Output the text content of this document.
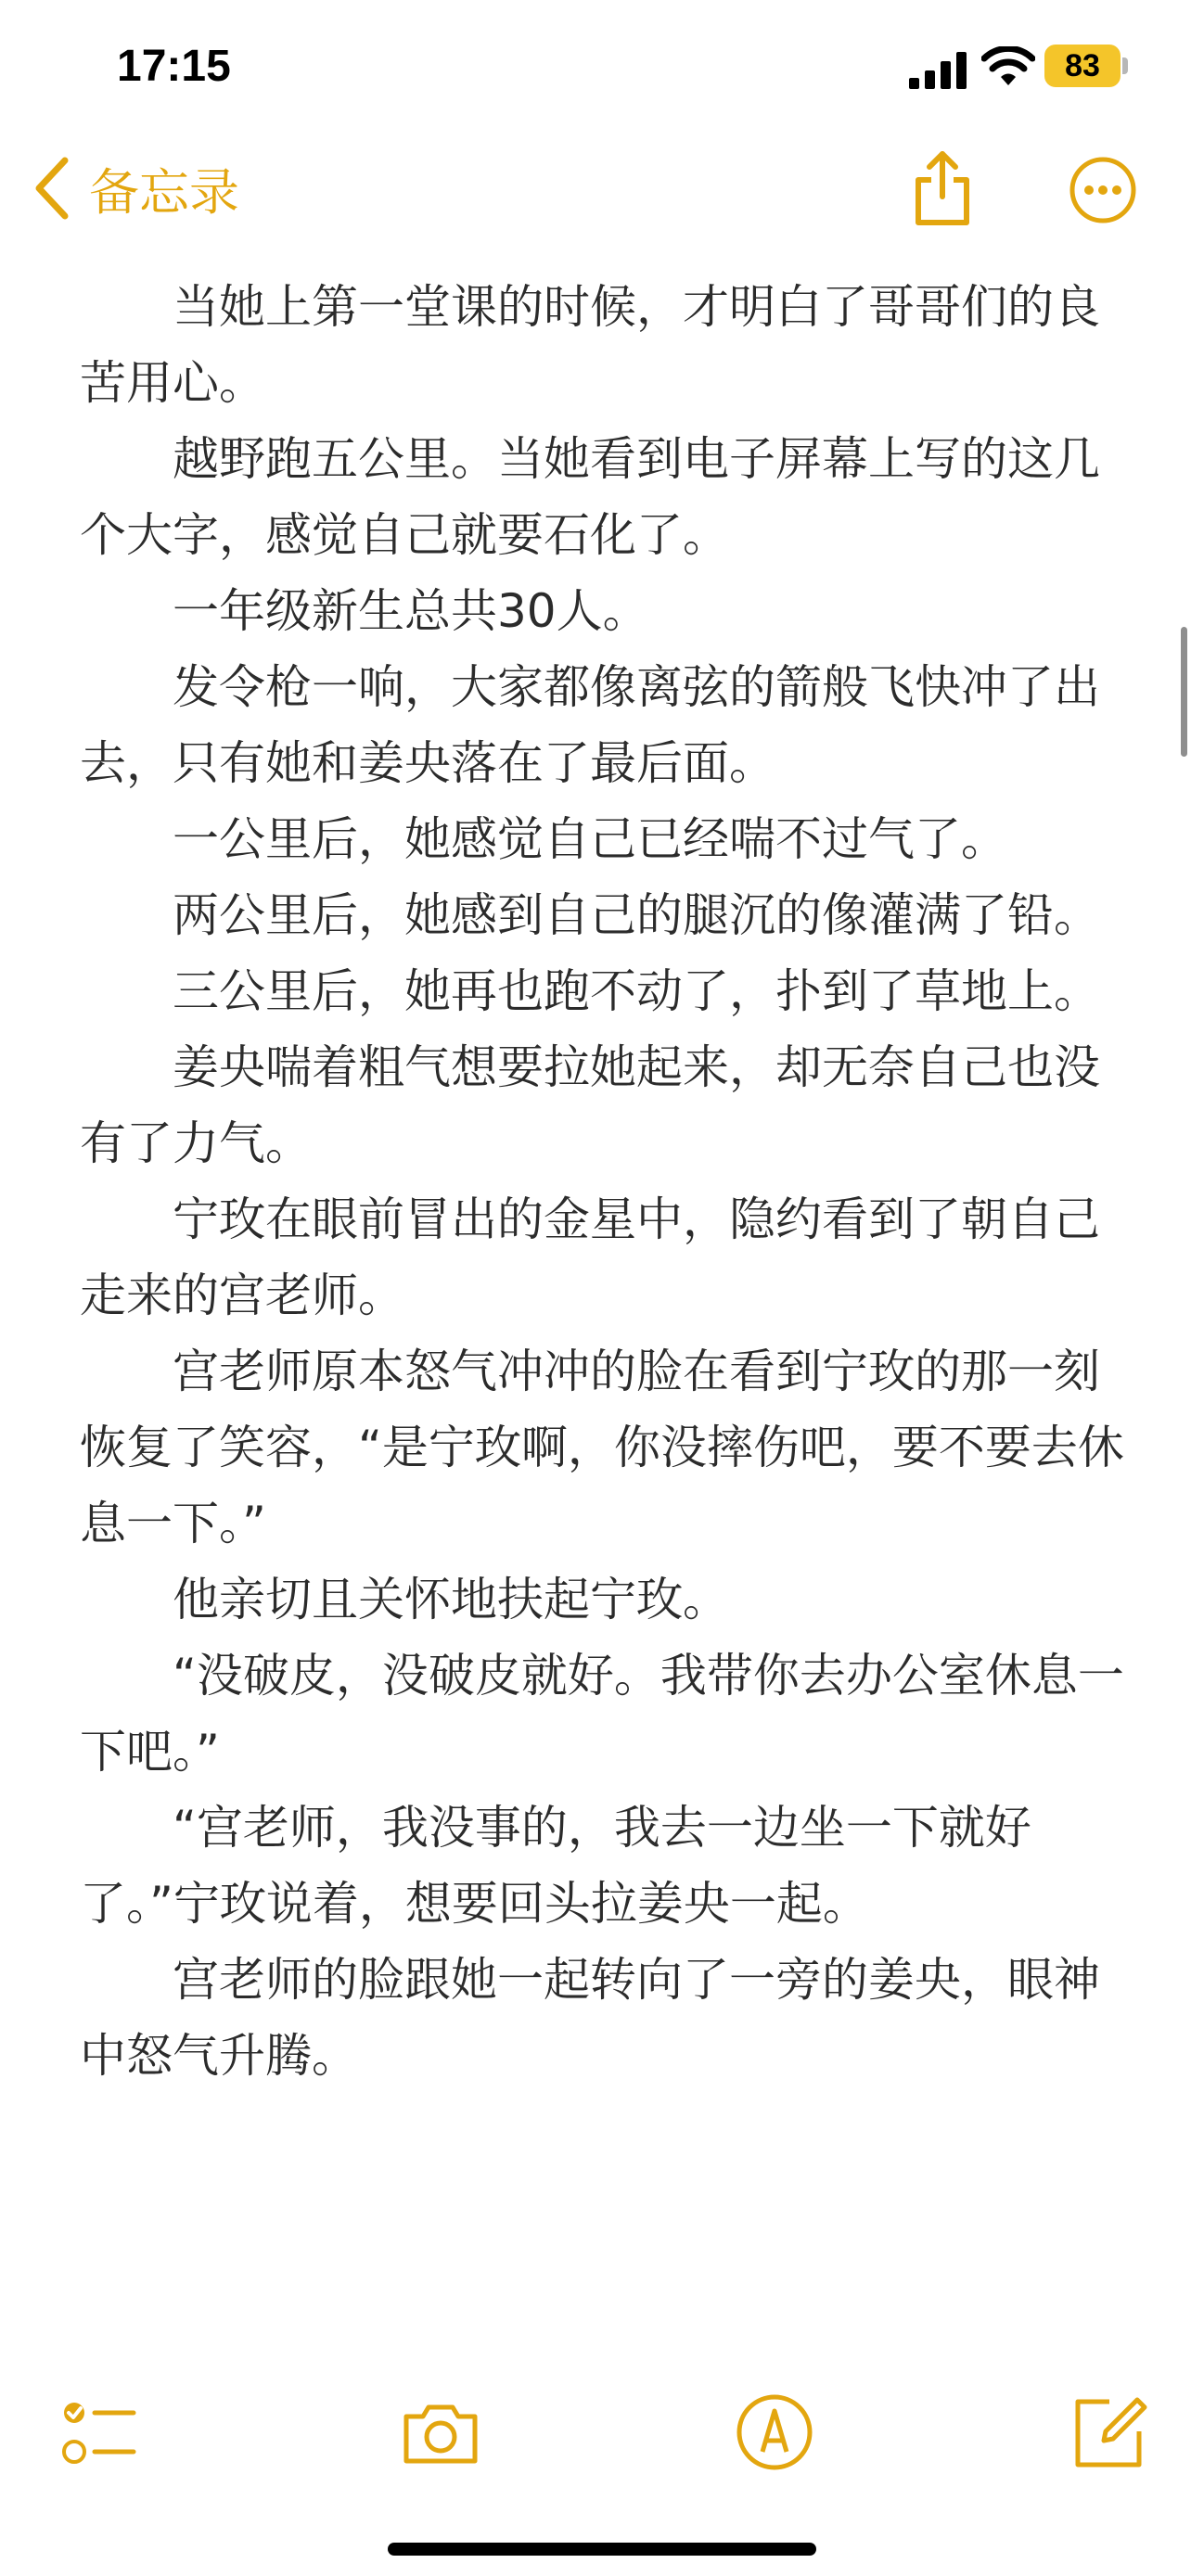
17:15	83
备忘录

当她上第一堂课的时候，才明白了哥哥们的良苦用心。

越野跑五公里。当她看到电子屏幕上写的这几个大字，感觉自己就要石化了。

一年级新生总共30人。

发令枪一响，大家都像离弦的箭般飞快冲了出去，只有她和姜央落在了最后面。

一公里后，她感觉自己已经喘不过气了。

两公里后，她感到自己的腿沉的像灌满了铅。

三公里后，她再也跑不动了，扑到了草地上。

姜央喘着粗气想要拉她起来，却无奈自己也没有了力气。

宁玫在眼前冒出的金星中，隐约看到了朝自己走来的宫老师。

宫老师原本怒气冲冲的脸在看到宁玫的那一刻恢复了笑容，“是宁玫啊，你没摔伤吧，要不要去休息一下。”

他亲切且关怀地扶起宁玫。

“没破皮，没破皮就好。我带你去办公室休息一下吧。”

“宫老师，我没事的，我去一边坐一下就好了。”宁玫说着，想要回头拉姜央一起。

宫老师的脸跟她一起转向了一旁的姜央，眼神中怒气升腾。
